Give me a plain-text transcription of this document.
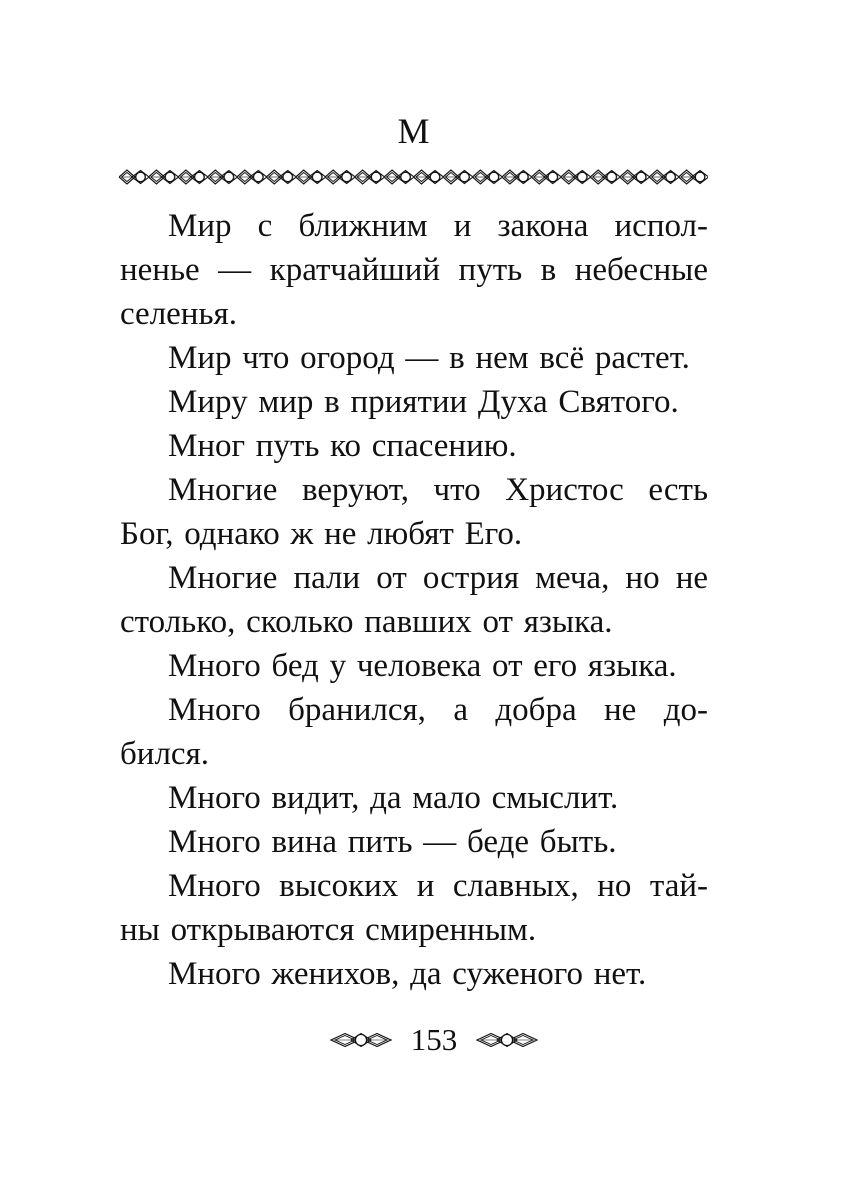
М
Мир с ближним и закона испол-
ненье — кратчайший путь в небесные
селенья.
Мир что огород — в нем всё растет.
Миру мир в приятии Духа Святого.
Мног путь ко спасению.
Многие веруют, что Христос есть
Бог, однако ж не любят Его.
Многие пали от острия меча, но не
столько, сколько павших от языка.
Много бед у человека от его языка.
Много бранился, а добра не до-
бился.
Много видит, да мало смыслит.
Много вина пить — беде быть.
Много высоких и славных, но тай-
ны открываются смиренным.
Много женихов, да суженого нет.
153
